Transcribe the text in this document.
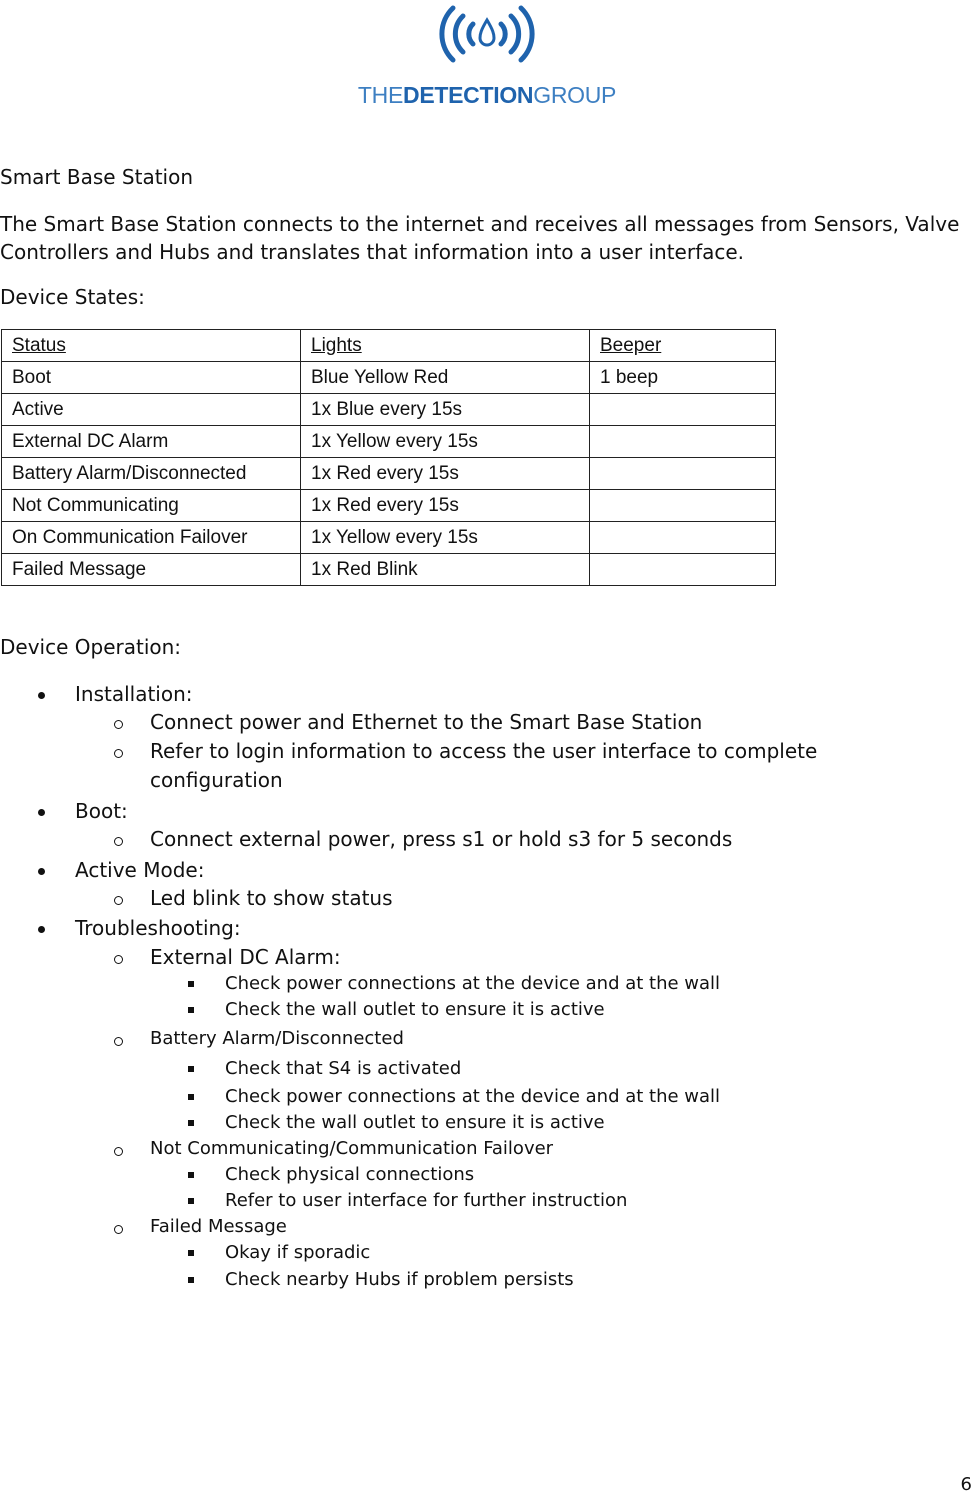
THEDETECTIONGROUP
Smart Base Station
The Smart Base Station connects to the internet and receives all messages from Sensors, Valve Controllers and Hubs and translates that information into a user interface.
Device States:
Status	Lights	Beeper
Boot	Blue Yellow Red	1 beep
Active	1x Blue every 15s	
External DC Alarm	1x Yellow every 15s	
Battery Alarm/Disconnected	1x Red every 15s	
Not Communicating	1x Red every 15s	
On Communication Failover	1x Yellow every 15s	
Failed Message	1x Red Blink	
Device Operation:
Installation:
Connect power and Ethernet to the Smart Base Station
Refer to login information to access the user interface to complete
configuration
Boot:
Connect external power, press s1 or hold s3 for 5 seconds
Active Mode:
Led blink to show status
Troubleshooting:
External DC Alarm:
Check power connections at the device and at the wall
Check the wall outlet to ensure it is active
Battery Alarm/Disconnected
Check that S4 is activated
Check power connections at the device and at the wall
Check the wall outlet to ensure it is active
Not Communicating/Communication Failover
Check physical connections
Refer to user interface for further instruction
Failed Message
Okay if sporadic
Check nearby Hubs if problem persists
6
